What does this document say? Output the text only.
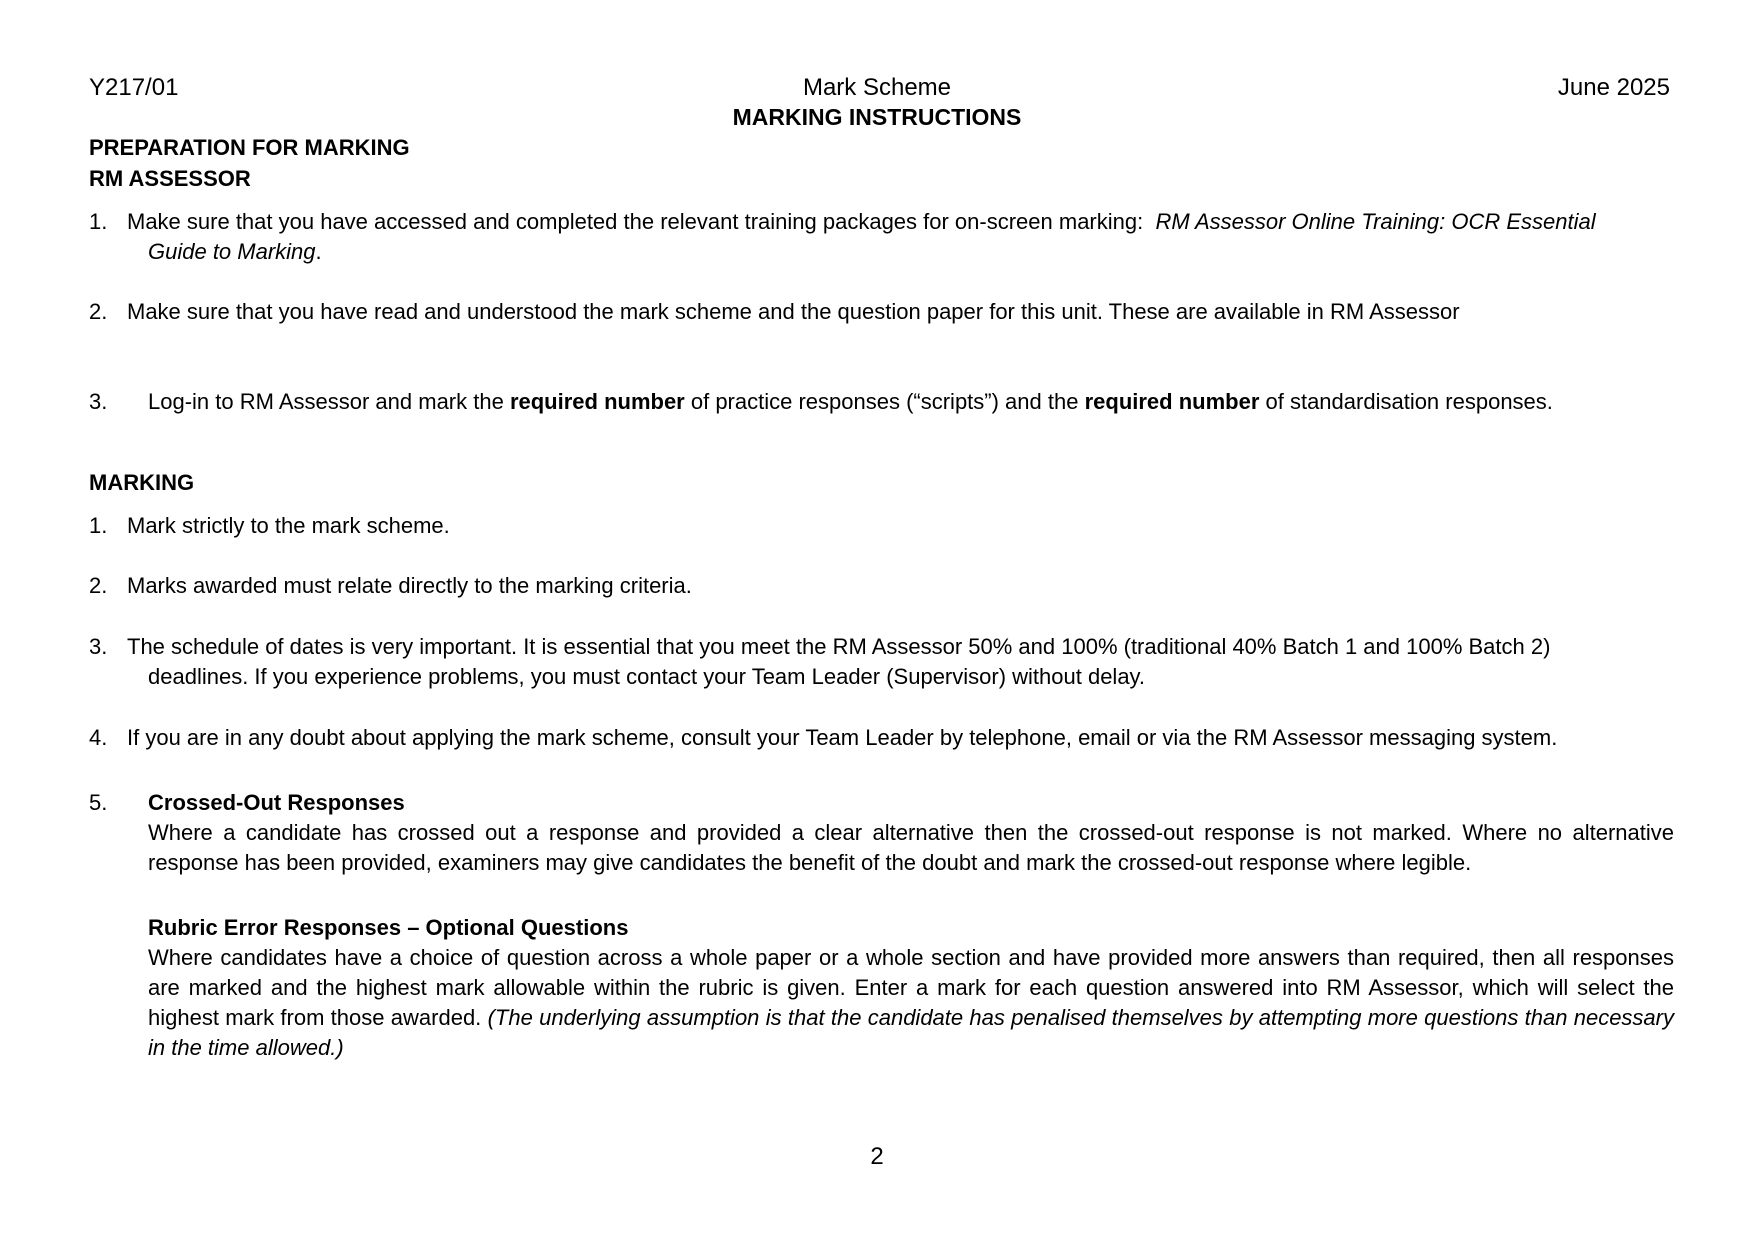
Y217/01	Mark Scheme	June 2025
MARKING INSTRUCTIONS
PREPARATION FOR MARKING
RM ASSESSOR
1. Make sure that you have accessed and completed the relevant training packages for on-screen marking: RM Assessor Online Training: OCR Essential
Guide to Marking.
2. Make sure that you have read and understood the mark scheme and the question paper for this unit. These are available in RM Assessor
3. Log-in to RM Assessor and mark the required number of practice responses (“scripts”) and the required number of standardisation responses.
MARKING
1. Mark strictly to the mark scheme.
2. Marks awarded must relate directly to the marking criteria.
3. The schedule of dates is very important. It is essential that you meet the RM Assessor 50% and 100% (traditional 40% Batch 1 and 100% Batch 2)
deadlines. If you experience problems, you must contact your Team Leader (Supervisor) without delay.
4. If you are in any doubt about applying the mark scheme, consult your Team Leader by telephone, email or via the RM Assessor messaging system.
5. Crossed-Out Responses
Where a candidate has crossed out a response and provided a clear alternative then the crossed-out response is not marked. Where no alternative response has been provided, examiners may give candidates the benefit of the doubt and mark the crossed-out response where legible.
Rubric Error Responses – Optional Questions
Where candidates have a choice of question across a whole paper or a whole section and have provided more answers than required, then all responses are marked and the highest mark allowable within the rubric is given. Enter a mark for each question answered into RM Assessor, which will select the highest mark from those awarded. (The underlying assumption is that the candidate has penalised themselves by attempting more questions than necessary in the time allowed.)
2
